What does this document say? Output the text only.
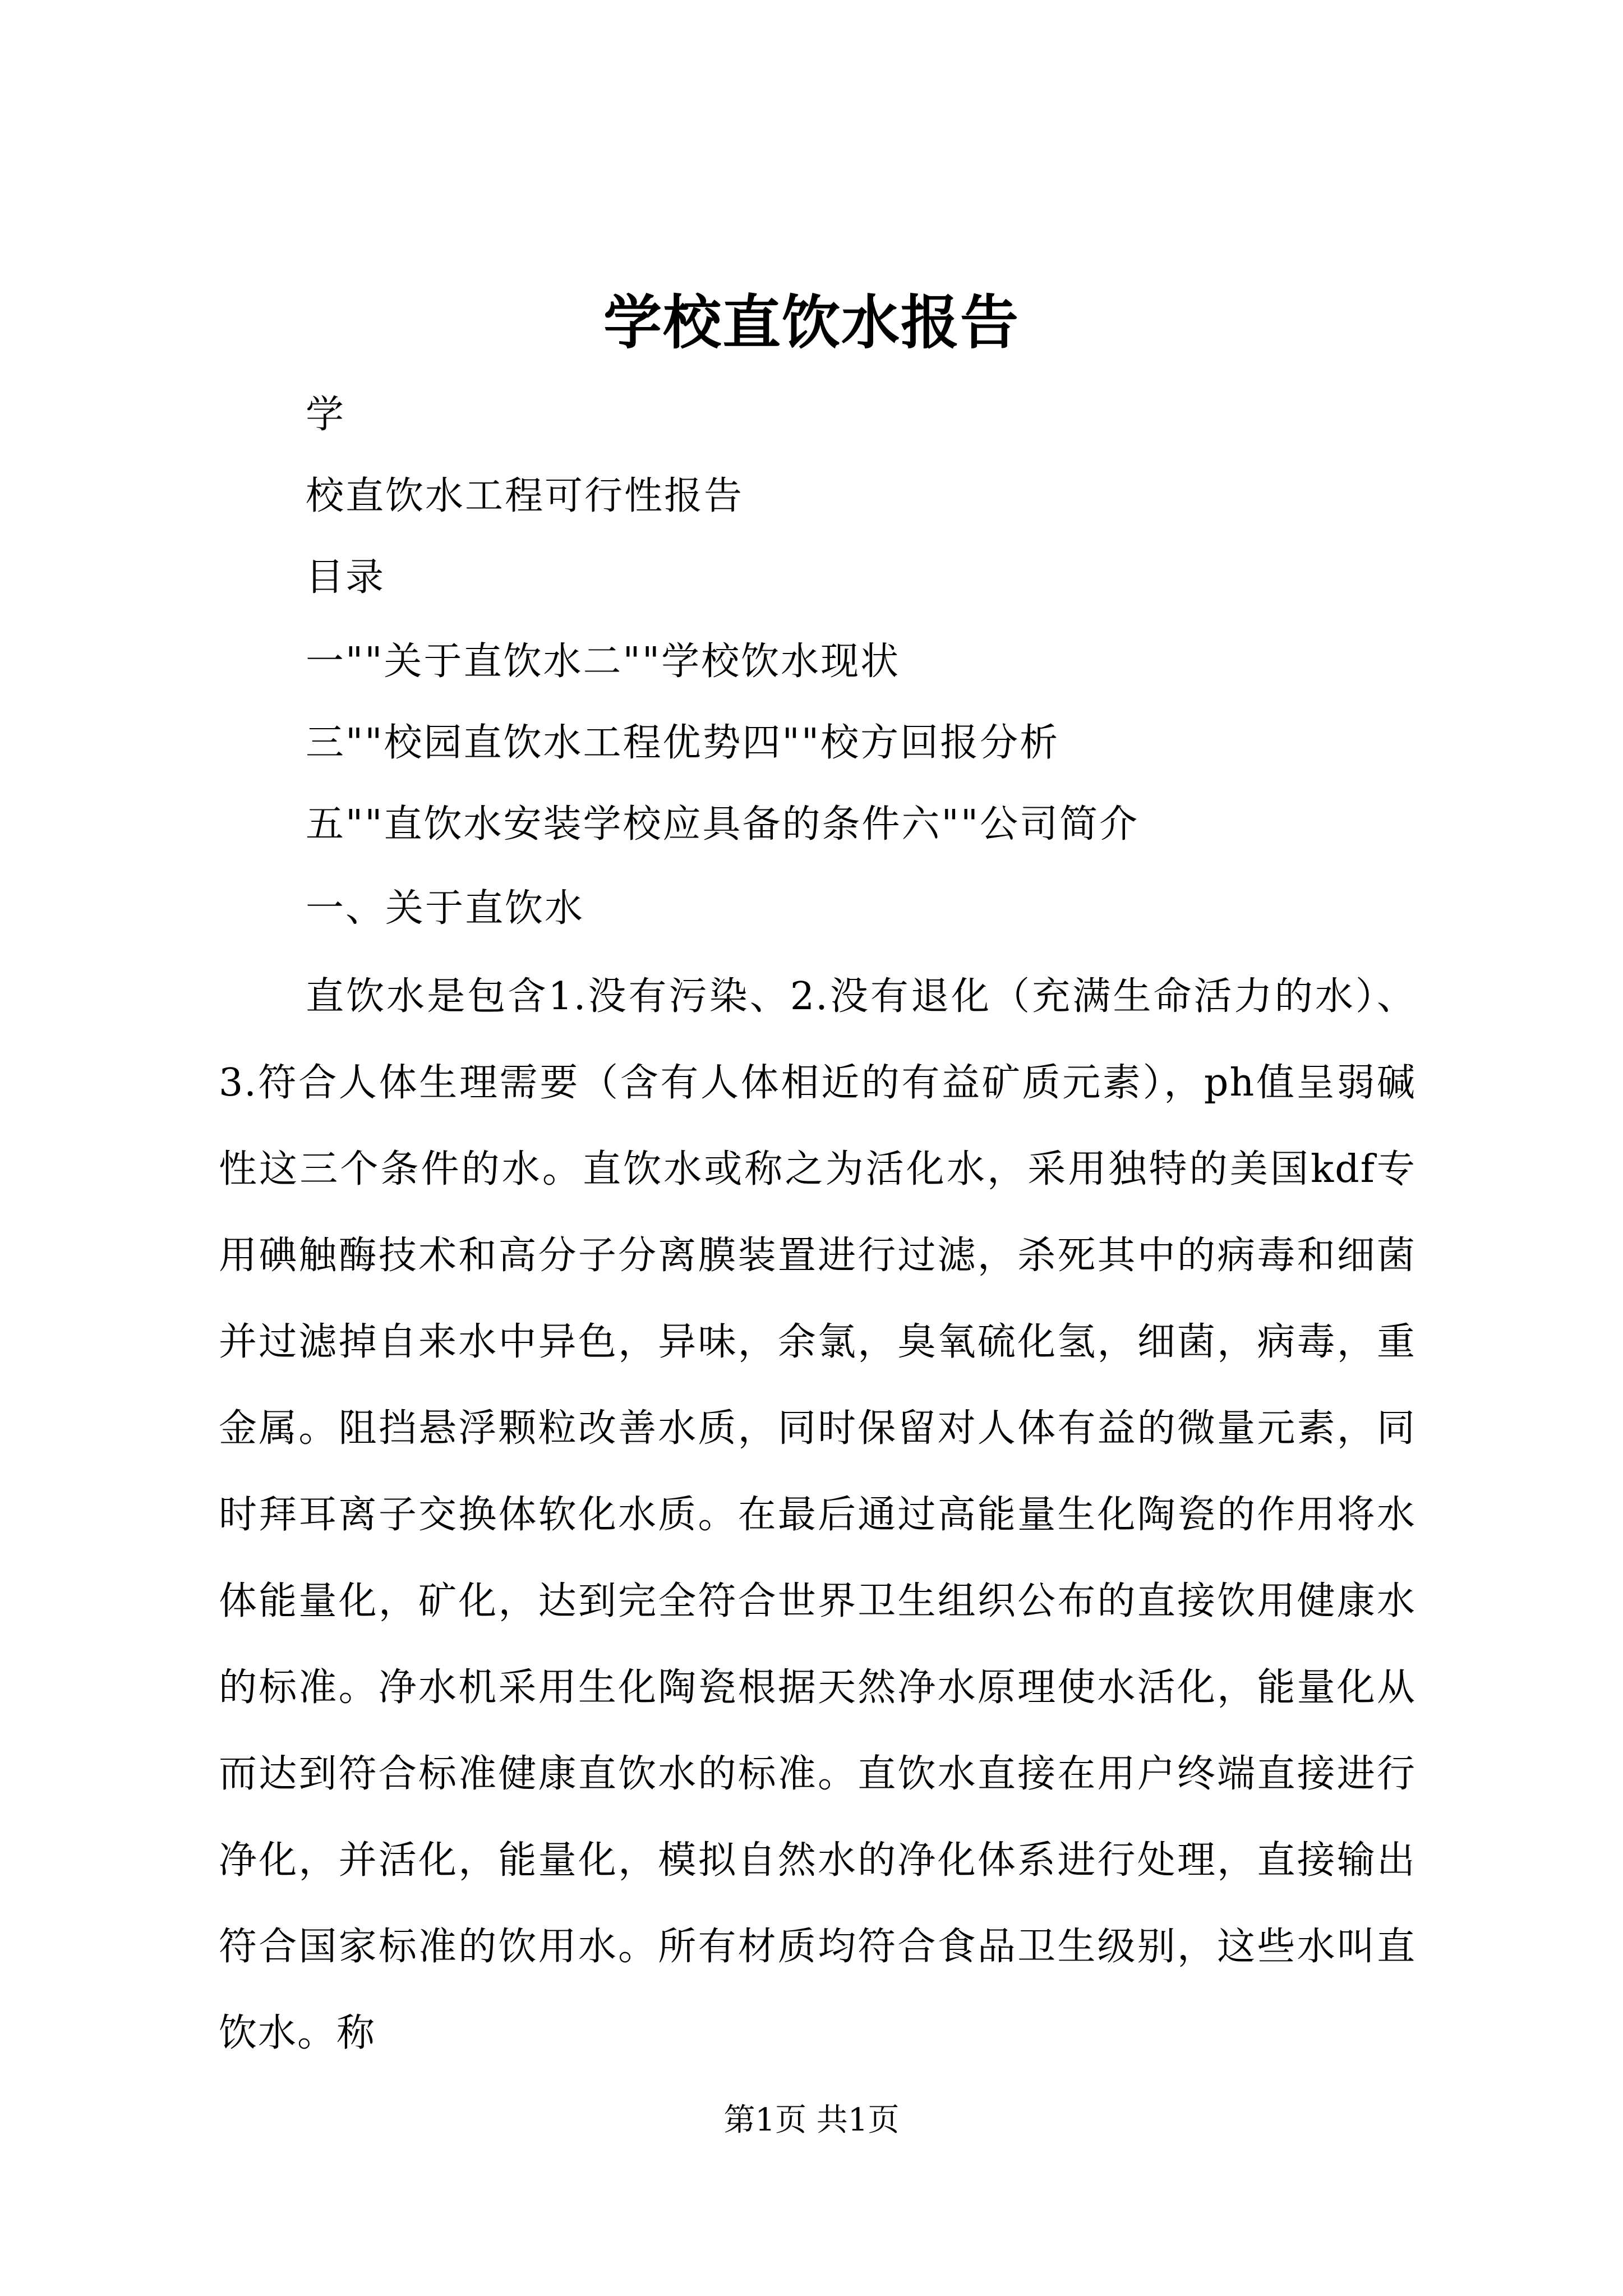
学校直饮水报告
学
校直饮水工程可行性报告
目录
一""关于直饮水二""学校饮水现状
三""校园直饮水工程优势四""校方回报分析
五""直饮水安装学校应具备的条件六""公司简介
一、关于直饮水

直饮水是包含1.没有污染、2.没有退化（充满生命活力的水）、3.符合人体生理需要（含有人体相近的有益矿质元素），ph值呈弱碱性这三个条件的水。直饮水或称之为活化水，采用独特的美国kdf专用碘触酶技术和高分子分离膜装置进行过滤，杀死其中的病毒和细菌并过滤掉自来水中异色，异味，余氯，臭氧硫化氢，细菌，病毒，重金属。阻挡悬浮颗粒改善水质，同时保留对人体有益的微量元素，同时拜耳离子交换体软化水质。在最后通过高能量生化陶瓷的作用将水体能量化，矿化，达到完全符合世界卫生组织公布的直接饮用健康水的标准。净水机采用生化陶瓷根据天然净水原理使水活化，能量化从而达到符合标准健康直饮水的标准。直饮水直接在用户终端直接进行净化，并活化，能量化，模拟自然水的净化体系进行处理，直接输出符合国家标准的饮用水。所有材质均符合食品卫生级别，这些水叫直饮水。称

第1页 共1页
